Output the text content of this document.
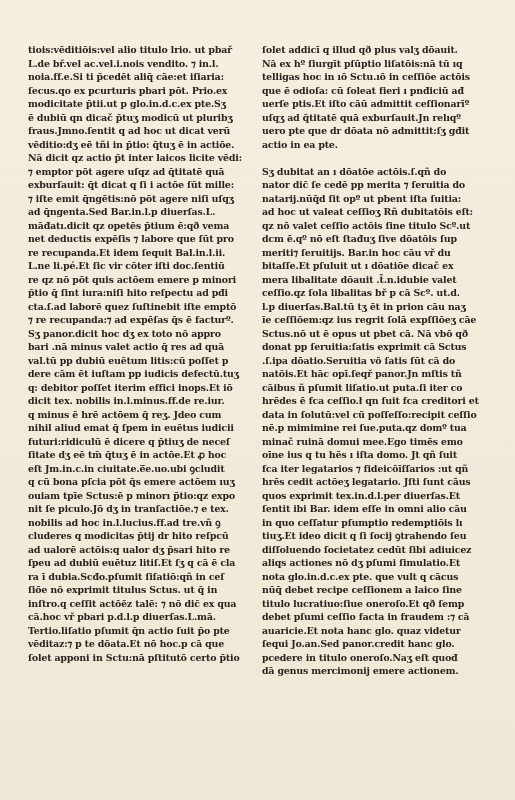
tiois:vēditiōis:vel alio titulo lrio. ut pbař
L.de bř.vel ac.vel.i.nois vendito. ⁊ in.l.
noia.ff.e.Si ti p̄cedēt aliq̄ cāe:et iſiaria:
ſecus.qo ex pcurturis pbari pōt. Prio.ex
modicitate p̄tii.ut p glo.in.d.c.ex pte.Sʒ
ē dubiū qn dicač p̄tuʒ modicū ut pluribʒ
fraus.Jmno.ſentit q ad hoc ut dicat verū
vēditio:dʒ eē tñi in p̄tio: q̄tuʒ ē in actiōe.
Nā dicit qz actio p̄t inter laicos licite vēdi:
⁊ emptor pōt agere uſqz ad q̄titatē quā
exburſauit: q̄t dicat q ſi i actōe ſūt mille:
⁊ iſte emit q̄ngētis:nō pōt agere niſi uſqʒ
ad q̄ngenta.Sed Bar.in.l.p diuerſas.L.
māđatı.dicit qz opetēs p̄tium ē:qð vema
net deductis expēſis ⁊ labore que ſūt pro
re recupanda.Et idem ſequit Bal.in.l.ii.
L.ne li.pé.Et ſic vir cōter iſti doc.ſentiū
re qz nō pōt quis actōem emere p minori
p̄tio q̄ ſint iura:niſi hito reſpectu ad pđi
cta.ſ.ad laborē quez ſuſtinebit iſte emptō
⁊ re recupanda:⁊ ad expēſas q̄s ē facturº.
Sʒ panor.dicit hoc dʒ ex toto nō appro
bari .nā minus valet actio q̄ res ad quā
val.tū pp dubiū euētum litis:cū poſſet p
dere cām ēt iuſtam pp iudicis defectū.tuʒ
q: debitor poſſet iterim effici inops.Et iō
dicit tex. nobilis in.l.minus.ff.de re.iur.
q minus ē hrē actōem q̄ reʒ. Jdeo cum
nihil aliud emat q̄ ſpem in euētus iudicii
futuri:ridiculū ē dicere q p̄tiuʒ de neceſ
ſitate dʒ eē tm̄ q̄tuʒ ē in actōe.Et ꝓ hoc
eſt Jm.in.c.in ciuitate.e̅e.uo.ubi ꝯcludit
q cū bona pſcia pōt q̄s emere actōem ıuʒ
ouiam tpīe Sctus:ē p minorı p̄tio:qz expo
nit ſe piculo.Jō dʒ in tranſactiōe.⁊ e tex.
nobilis ad hoc in.l.lucius.ff.ad tre.vñ ꝯ
cluderes q modicitas p̄tij dr hito reſpcū
ad ualorē actōis:q ualor dʒ p̄sari hito re
ſpeu ad dubiū euētuz litiſ.Et ſʒ q cā ē cla
ra ī dubia.Scđo.pſumit ſiſatiō:qñ in ceſ
ſiōe nō exprimit titulus Sctus. ut q̄ in
inſtro.q ceſſit actōēz talē: ⁊ nō dic̄ ex qua
cā.hoc vř pbari p.d.l.p diuerſas.L.mā.
Tertio.liſatio pſumit q̄n actio ſuit p̄o pte
vēditaz:⁊ p te dōata.Et nō hoc.p cā que
ſolet apponi in Sctu:nā pſtitutō certo p̄tio
ſolet addicī q illud qð plus valʒ dōauit.
Nā ex hº ſiurgīt pſūptio liſatōis:nā tū ıq
telligas hoc in ıō Sctu.ıō in ceſſiōe actōis
que ē odioſa: cū ſoleat fieri ı pnđiciū ađ
uerſe ptis.Et iſto cāū admittit ceſſionarīº
uſqʒ ad q̄titatē quā exburſauit.Jn relıqº
uero pte que dr dōata nō admittit:ſʒ gđit
actio in ea pte.
Sʒ dubitat an ı dōatōe actōis.ſ.qñ do
nator dic̄ ſe cedē pp merita ⁊ ſeruitia do
natarij.nūq̄d ſit opº ut pbent iſta ſuitia:
ad hoc ut valeat ceſſioʒ Rñ dubitatōis eſt:
qz nō valet ceſſio actōis ſine titulo Scº.ut
dcm ē.qº nō eſt ſtađuʒ ſive dōatōis ſup
meriti⁊ ſeruitijs. Bar.in hoc cāu vř du
bitaſſe.Et pſuluit ut ı dōatiōe dicač ex
mera libalitate dōauit .t̃.n.idubie valet
ceſſio.qz ſola libalitas bř p cā Scº. ut.d.
l.p diuerſas.Bal.tū tʒ ēt in prion cāu naʒ
ı̄e ceſſiōem:qz ius regrit ſolā expſſiōeʒ cāe
Sctus.nō ut ē opus ut pbet cā. Nā vbō qð
donat pp ſeruitia:ſatis exprimit cā Sctus
.ſ.ipa dōatio.Seruitia vō ſatis ſūt cā do
natōis.Et hāc opī.ſeqř panor.Jn mſtis tñ
cāibus ñ pſumit liſatio.ut puta.ſi iter co
hrēdes ē fca ceſſio.ł qn ſuit fca creditori et
data in ſolutū:vel cū poſſeſſo:recipit ceſſio
nē.p mimimine rei ſue.puta.qz domº tua
minač ruinā domui mee.Ego timēs emo
oīne ius q tu hēs ı iſta domo. Jt qñ ſuit
fca iter legatarios ⁊ fideicōīſſarios :ut qñ
hrēs cedit actōeʒ legatario. Jſti ſunt cāus
quos exprimit tex.in.d.l.per diuerſas.Et
ſentit ibi Bar. idem eſſe in omni alio cāu
in quo ceſſatur pſumptio redemptiōis lı
tiuʒ.Et ideo dicit q ſi ſocij ꝯtrahendo ſeu
diſſoluendo ſocietatez cedūt ſibi adiuicez
aliqs actiones nō dʒ pſumi ſimulatio.Et
nota glo.in.d.c.ex pte. que vult q cācus
nūq̄ debet recipe ceſſionem a laico ſine
titulo lucratiuo:ſiue oneroſo.Et qð ſemp
debet pſumi ceſſio facta in fraudem :⁊ cā
auaricie.Et nota hanc glo. quaz videtur
ſequi Jo.an.Sed panor.credit hanc glo.
pcedere in titulo oneroſo.Naʒ eſt quođ
dā genus mercimonij emere actionem.
